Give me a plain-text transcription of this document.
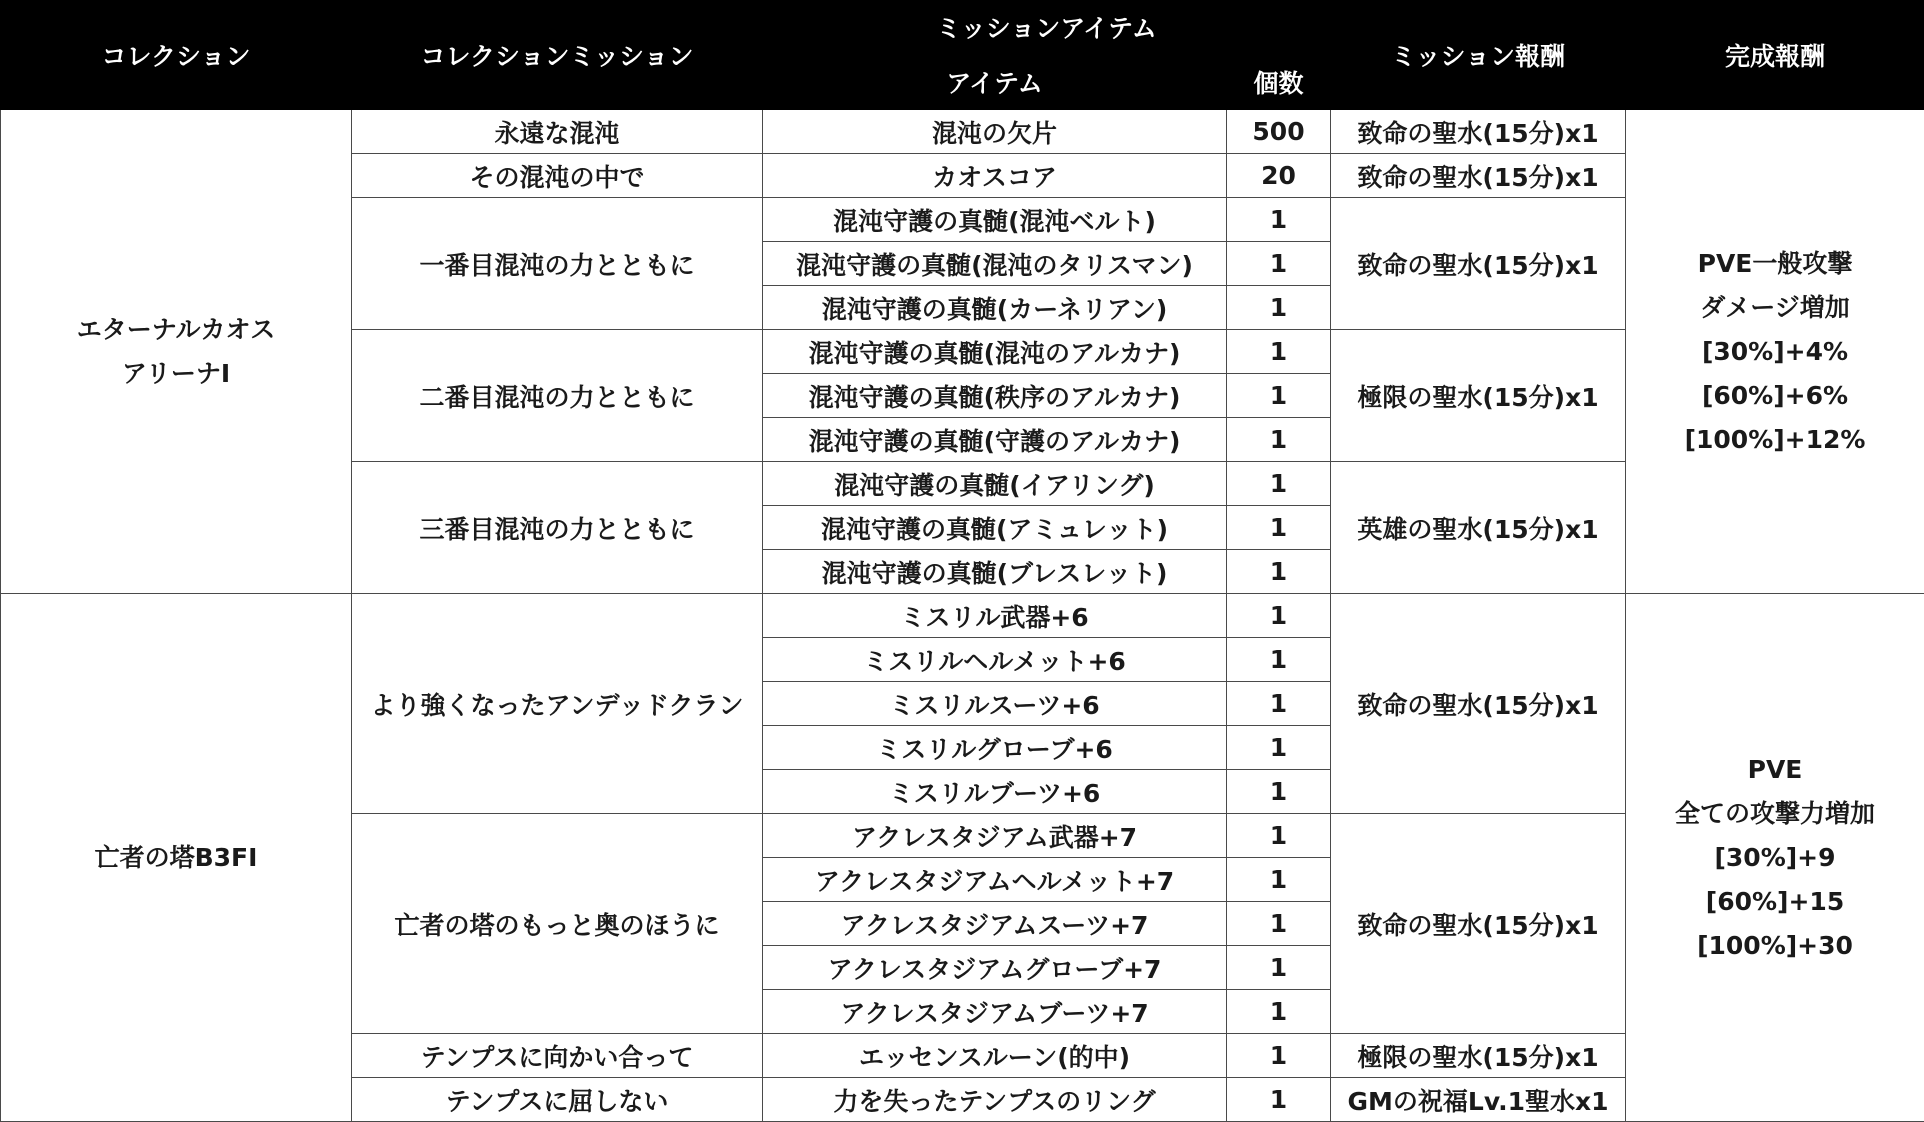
コレクション	コレクションミッション	ミッションアイテム		ミッション報酬	完成報酬
		アイテム	個数		

エターナルカオス
アリーナI	永遠な混沌	混沌の欠片	500	致命の聖水(15分)x1	PVE一般攻撃
ダメージ増加
[30%]+4%
[60%]+6%
[100%]+12%

	その混沌の中で	カオスコア	20	致命の聖水(15分)x1	
	一番目混沌の力とともに	混沌守護の真髄(混沌ベルト)	1	致命の聖水(15分)x1	
		混沌守護の真髄(混沌のタリスマン)	1		
		混沌守護の真髄(カーネリアン)	1		
	二番目混沌の力とともに	混沌守護の真髄(混沌のアルカナ)	1	極限の聖水(15分)x1	
		混沌守護の真髄(秩序のアルカナ)	1		
		混沌守護の真髄(守護のアルカナ)	1		
	三番目混沌の力とともに	混沌守護の真髄(イアリング)	1	英雄の聖水(15分)x1	
		混沌守護の真髄(アミュレット)	1		
		混沌守護の真髄(ブレスレット)	1		

亡者の塔B3FI	より強くなったアンデッドクラン	ミスリル武器+6	1	致命の聖水(15分)x1	PVE
全ての攻撃力増加
[30%]+9
[60%]+15
[100%]+30

		ミスリルヘルメット+6	1		
		ミスリルスーツ+6	1		
		ミスリルグローブ+6	1		
		ミスリルブーツ+6	1		
	亡者の塔のもっと奥のほうに	アクレスタジアム武器+7	1	致命の聖水(15分)x1	
		アクレスタジアムヘルメット+7	1		
		アクレスタジアムスーツ+7	1		
		アクレスタジアムグローブ+7	1		
		アクレスタジアムブーツ+7	1		
	テンプスに向かい合って	エッセンスルーン(的中)	1	極限の聖水(15分)x1	
	テンプスに屈しない	力を失ったテンプスのリング	1	GMの祝福Lv.1聖水x1	
